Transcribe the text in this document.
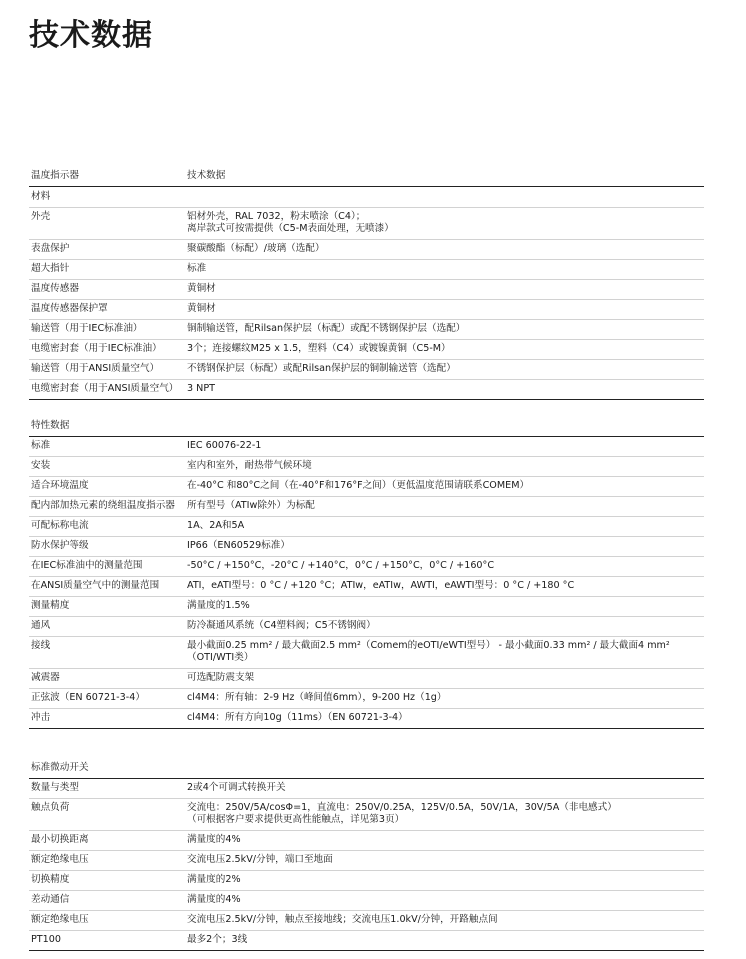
技术数据
温度指示器	技术数据
材料	
外壳	铝材外壳，RAL 7032，粉末喷涂（C4）；
离岸款式可按需提供（C5-M表面处理，无喷漆）
表盘保护	聚碳酸酯（标配）/玻璃（选配）
超大指针	标准
温度传感器	黄铜材
温度传感器保护罩	黄铜材
输送管（用于IEC标准油）	铜制输送管，配Rilsan保护层（标配）或配不锈钢保护层（选配）
电缆密封套（用于IEC标准油）	3个；连接螺纹M25 x 1.5，塑料（C4）或镀镍黄铜（C5-M）
输送管（用于ANSI质量空气）	不锈钢保护层（标配）或配Rilsan保护层的铜制输送管（选配）
电缆密封套（用于ANSI质量空气）	3 NPT
特性数据	
标准	IEC 60076-22-1
安装	室内和室外，耐热带气候环境
适合环境温度	在-40°C 和80°C之间（在-40°F和176°F之间）（更低温度范围请联系COMEM）
配内部加热元素的绕组温度指示器	所有型号（ATIw除外）为标配
可配标称电流	1A、2A和5A
防水保护等级	IP66（EN60529标准）
在IEC标准油中的测量范围	-50°C / +150°C，-20°C / +140°C，0°C / +150°C，0°C / +160°C
在ANSI质量空气中的测量范围	ATI，eATI型号：0 °C / +120 °C；ATIw，eATIw，AWTI，eAWTI型号：0 °C / +180 °C
测量精度	满量度的1.5%
通风	防冷凝通风系统（C4塑料阀；C5不锈钢阀）
接线	最小截面0.25 mm² / 最大截面2.5 mm²（Comem的eOTI/eWTI型号） - 最小截面0.33 mm² / 最大截面4 mm²
（OTI/WTI类）
减震器	可选配防震支架
正弦波（EN 60721-3-4）	cl4M4：所有轴：2-9 Hz（峰间值6mm），9-200 Hz（1g）
冲击	cl4M4：所有方向10g（11ms）（EN 60721-3-4）
标准微动开关	
数量与类型	2或4个可调式转换开关
触点负荷	交流电：250V/5A/cosΦ=1，直流电：250V/0.25A，125V/0.5A，50V/1A，30V/5A（非电感式）
（可根据客户要求提供更高性能触点，详见第3页）
最小切换距离	满量度的4%
额定绝缘电压	交流电压2.5kV/分钟，端口至地面
切换精度	满量度的2%
差动通信	满量度的4%
额定绝缘电压	交流电压2.5kV/分钟，触点至接地线；交流电压1.0kV/分钟，开路触点间
PT100	最多2个；3线
